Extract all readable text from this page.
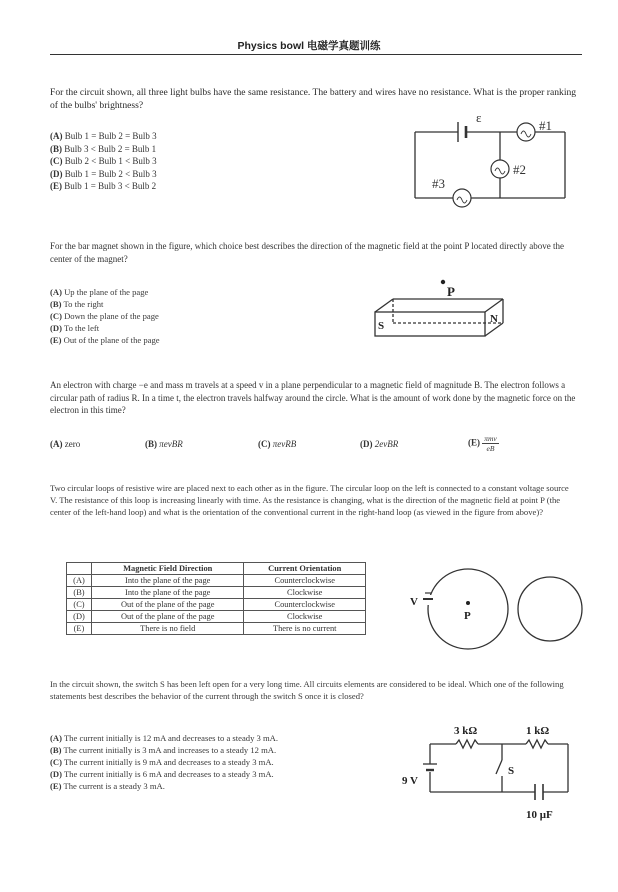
Physics bowl 电磁学真题训练
For the circuit shown, all three light bulbs have the same resistance. The battery and wires have no resistance. What is the proper ranking of the bulbs' brightness?
(A) Bulb 1 = Bulb 2 = Bulb 3
(B) Bulb 3 < Bulb 2 = Bulb 1
(C) Bulb 2 < Bulb 1 < Bulb 3
(D) Bulb 1 = Bulb 2 < Bulb 3
(E) Bulb 1 = Bulb 3 < Bulb 2
ε
#1
#2
#3
For the bar magnet shown in the figure, which choice best describes the direction of the magnetic field at the point P located directly above the center of the magnet?
(A) Up the plane of the page
(B) To the right
(C) Down the plane of the page
(D) To the left
(E) Out of the plane of the page
P
S
N
An electron with charge −e and mass m travels at a speed v in a plane perpendicular to a magnetic field of magnitude B. The electron follows a circular path of radius R. In a time t, the electron travels halfway around the circle. What is the amount of work done by the magnetic force on the electron in this time?
(A) zero	(B) πevBR	(C) πevRB	(D) 2evBR	(E) πmv
eB
Two circular loops of resistive wire are placed next to each other as in the figure. The circular loop on the left is connected to a constant voltage source V. The resistance of this loop is increasing linearly with time. As the resistance is changing, what is the direction of the magnetic field at point P (the center of the left-hand loop) and what is the orientation of the conventional current in the right-hand loop (as viewed in the figure from above)?
	Magnetic Field Direction	Current Orientation
(A)	Into the plane of the page	Counterclockwise
(B)	Into the plane of the page	Clockwise
(C)	Out of the plane of the page	Counterclockwise
(D)	Out of the plane of the page	Clockwise
(E)	There is no field	There is no current
V
P
In the circuit shown, the switch S has been left open for a very long time. All circuits elements are considered to be ideal. Which one of the following statements best describes the behavior of the current through the switch S once it is closed?
(A) The current initially is 12 mA and decreases to a steady 3 mA.
(B) The current initially is 3 mA and increases to a steady 12 mA.
(C) The current initially is 9 mA and decreases to a steady 3 mA.
(D) The current initially is 6 mA and decreases to a steady 3 mA.
(E) The current is a steady 3 mA.
3 kΩ	1 kΩ
9 V
S
10 μF
